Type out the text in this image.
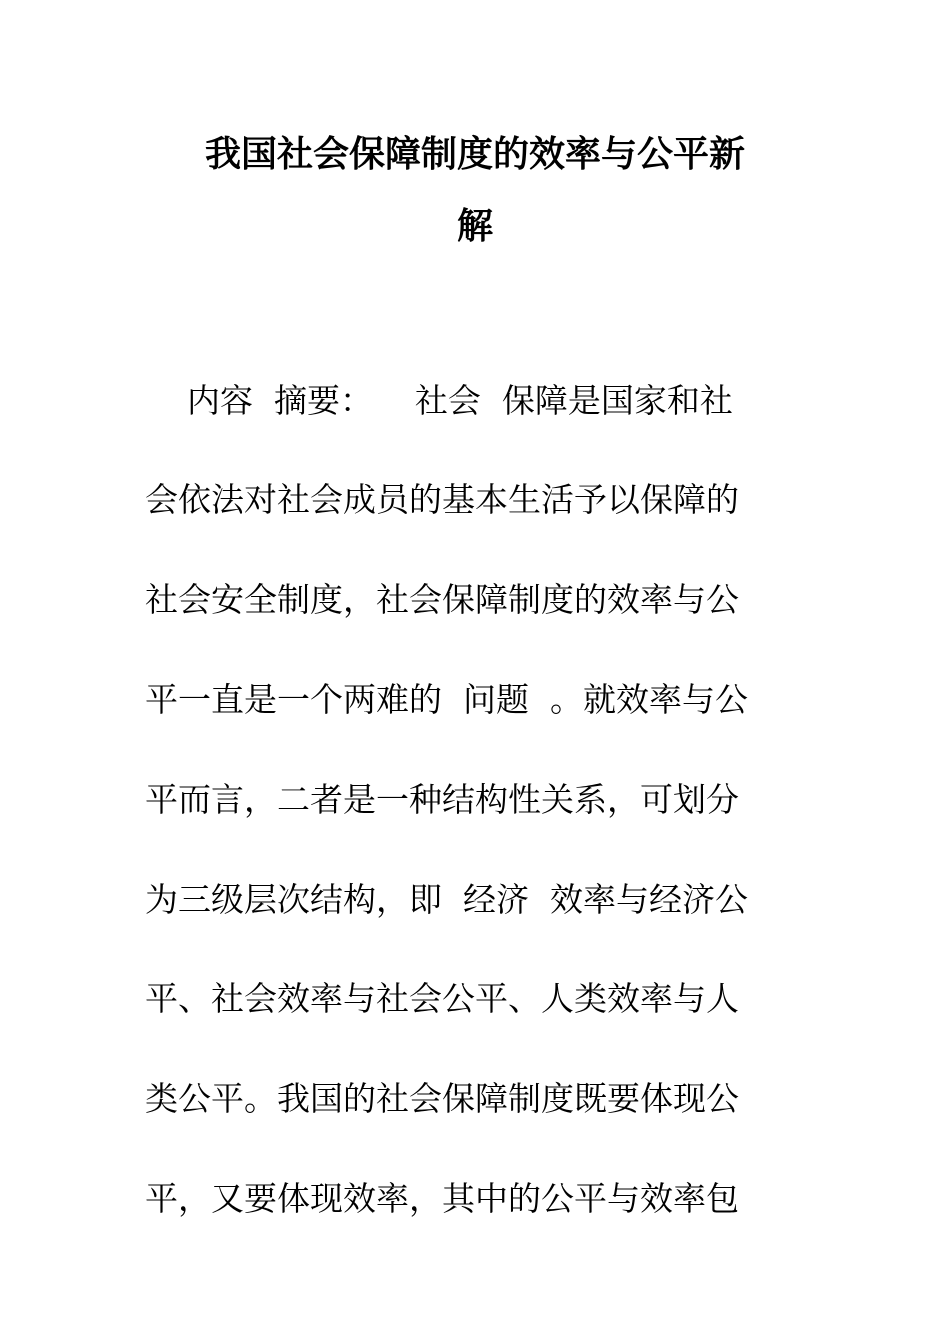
我国社会保障制度的效率与公平新
解

内容  摘要：    社会  保障是国家和社

会依法对社会成员的基本生活予以保障的

社会安全制度，社会保障制度的效率与公

平一直是一个两难的  问题  。就效率与公

平而言，二者是一种结构性关系，可划分

为三级层次结构，即  经济  效率与经济公

平、社会效率与社会公平、人类效率与人

类公平。我国的社会保障制度既要体现公

平，又要体现效率，其中的公平与效率包
